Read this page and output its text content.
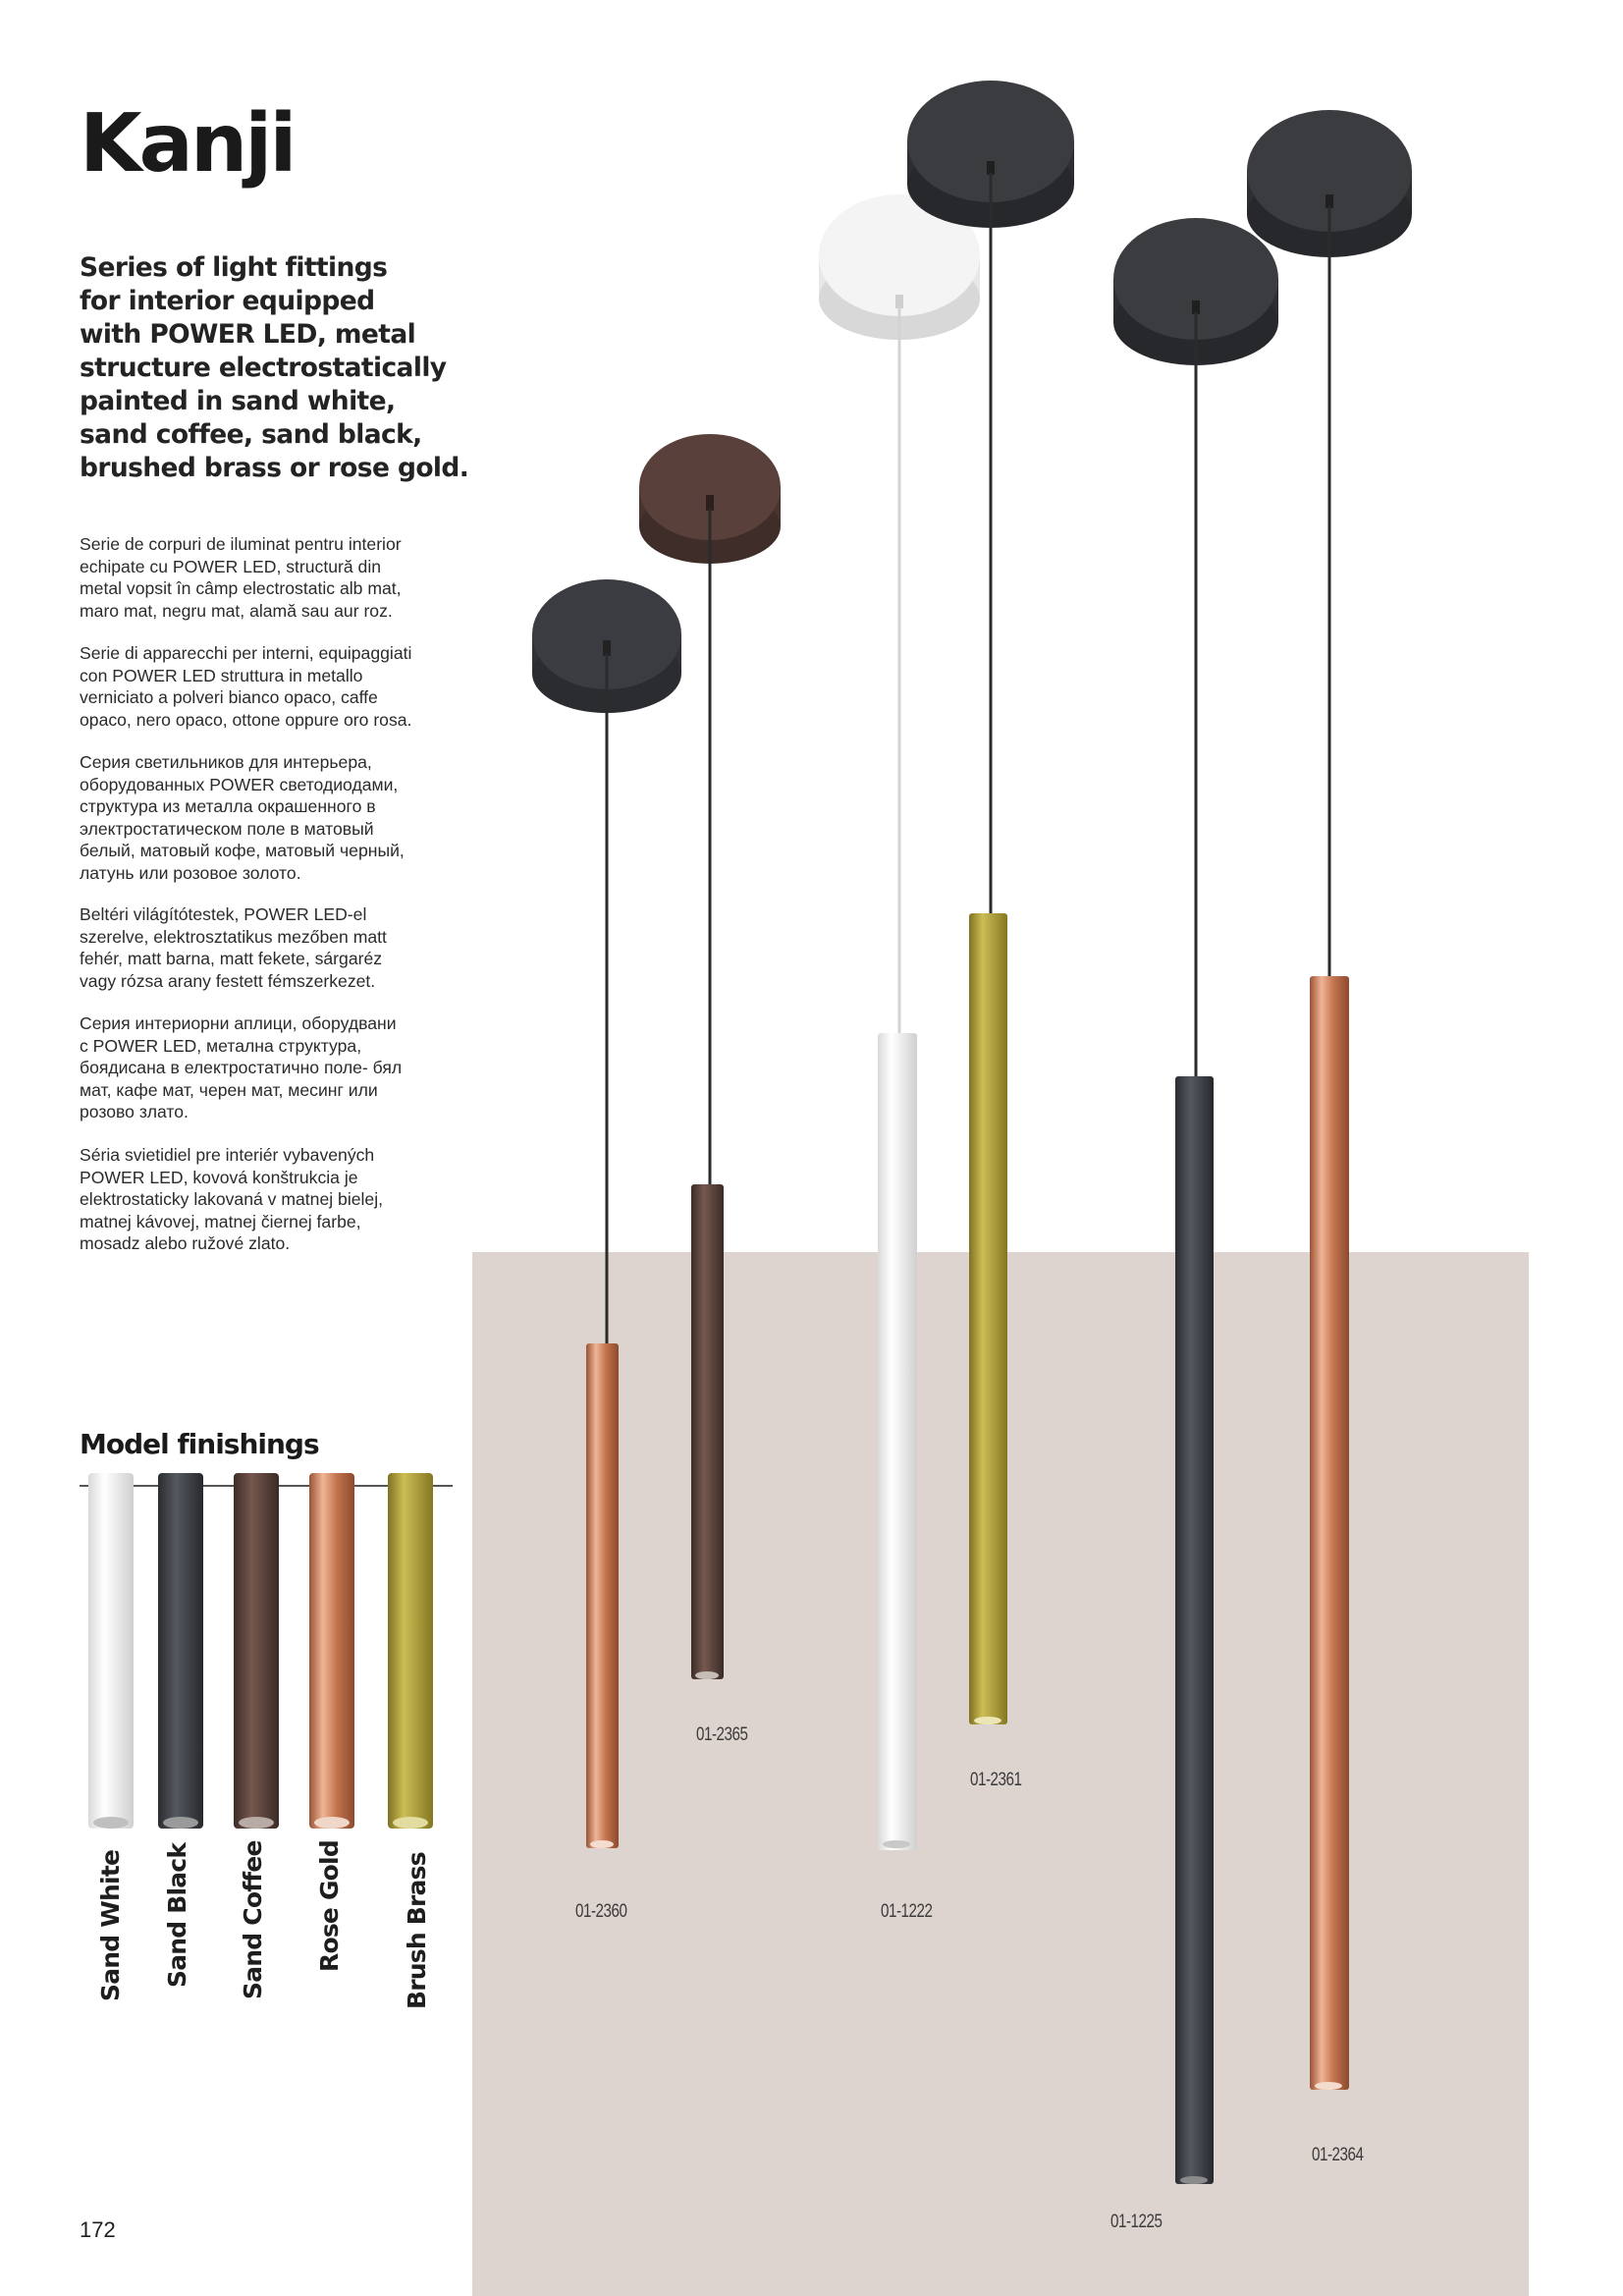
Kanji

Series of light fittings
for interior equipped
with POWER LED, metal
structure electrostatically
painted in sand white,
sand coffee, sand black,
brushed brass or rose gold.

Serie de corpuri de iluminat pentru interior
echipate cu POWER LED, structură din
metal vopsit în câmp electrostatic alb mat,
maro mat, negru mat, alamă sau aur roz.

Serie di apparecchi per interni, equipaggiati
con POWER LED struttura in metallo
verniciato a polveri bianco opaco, caffe
opaco, nero opaco, ottone oppure oro rosa.

Серия светильников для интерьера,
оборудованных POWER светодиодами,
структура из металла окрашенного в
электростатическом поле в матовый
белый, матовый кофе, матовый черный,
латунь или розовое золото.

Beltéri világítótestek, POWER LED-el
szerelve, elektrosztatikus mezőben matt
fehér, matt barna, matt fekete, sárgaréz
vagy rózsa arany festett fémszerkezet.

Серия интериорни аплици, оборудвани
с POWER LED, метална структура,
боядисана в електростатично поле- бял
мат, кафе мат, черен мат, месинг или
розово злато.

Séria svietidiel pre interiér vybavených
POWER LED, kovová konštrukcia je
elektrostaticky lakovaná v matnej bielej,
matnej kávovej, matnej čiernej farbe,
mosadz alebo ružové zlato.

Model finishings
Sand White Sand Black Sand Coffee Rose Gold Brush Brass	01-2360
01-2365
01-1222
01-2361
01-1225
01-2364
172
